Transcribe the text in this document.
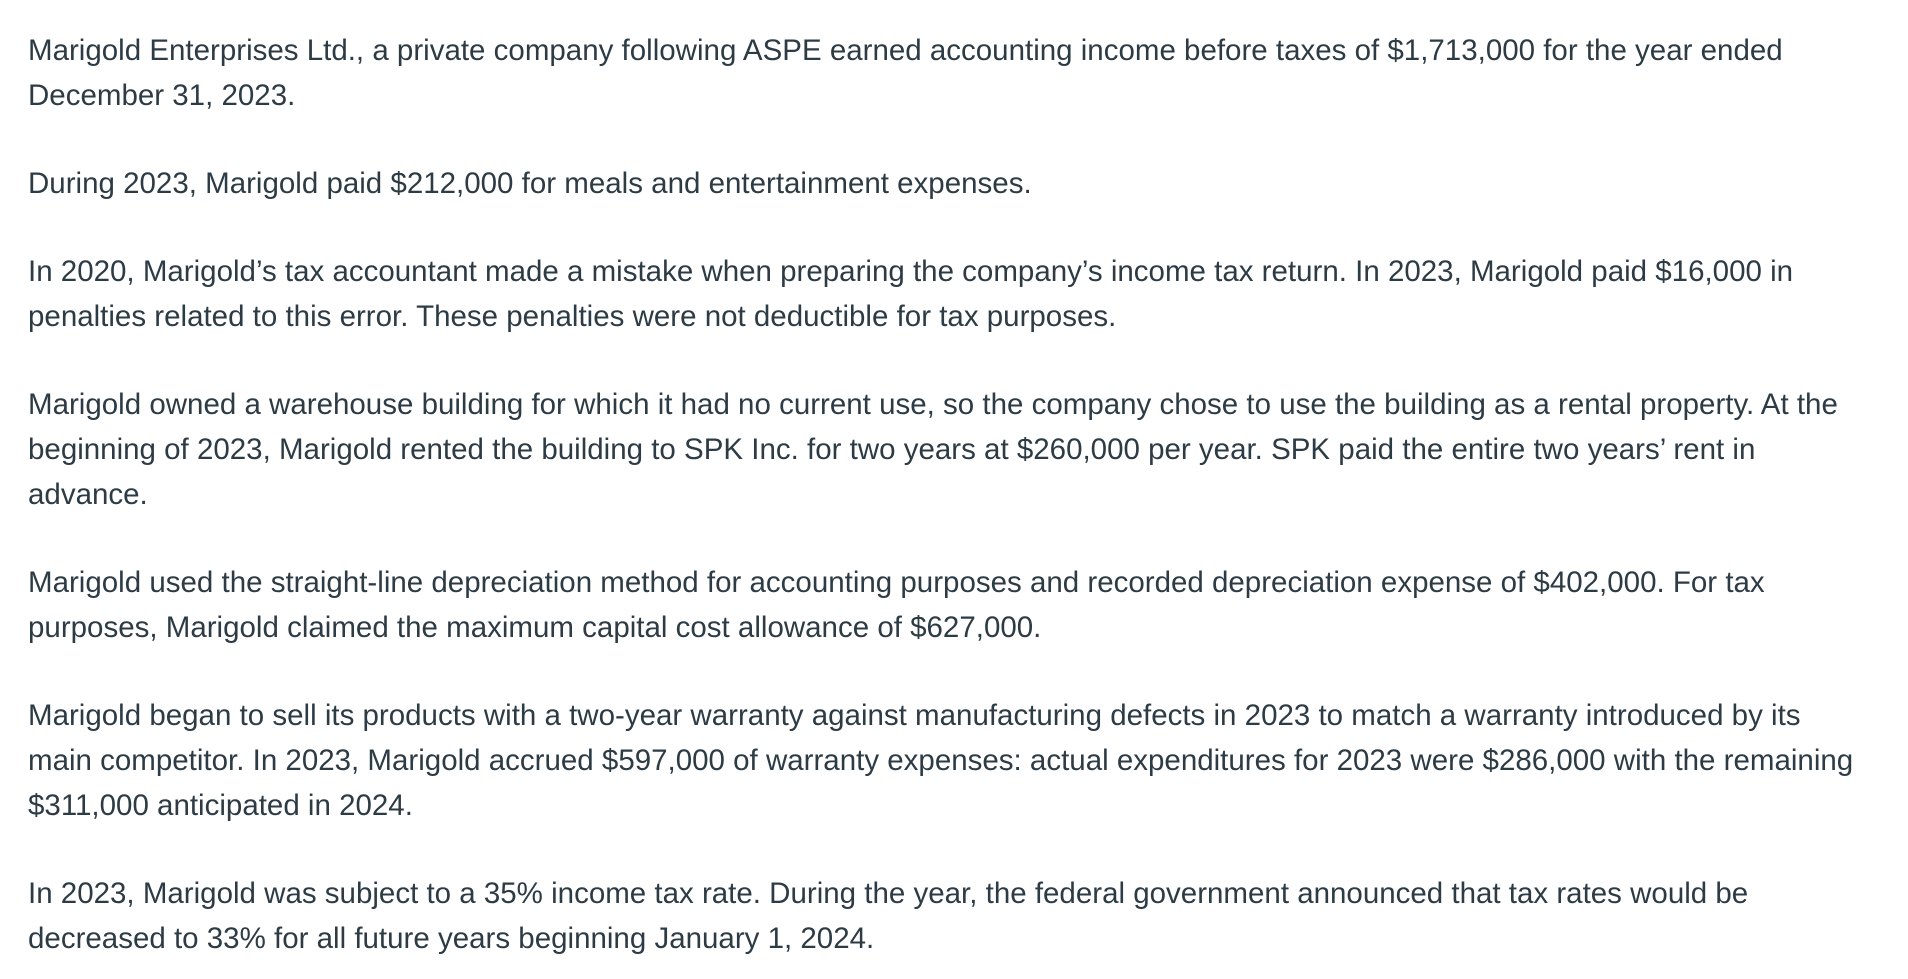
Marigold Enterprises Ltd., a private company following ASPE earned accounting income before taxes of $1,713,000 for the year ended December 31, 2023.

During 2023, Marigold paid $212,000 for meals and entertainment expenses.

In 2020, Marigold’s tax accountant made a mistake when preparing the company’s income tax return. In 2023, Marigold paid $16,000 in penalties related to this error. These penalties were not deductible for tax purposes.

Marigold owned a warehouse building for which it had no current use, so the company chose to use the building as a rental property. At the beginning of 2023, Marigold rented the building to SPK Inc. for two years at $260,000 per year. SPK paid the entire two years’ rent in advance.

Marigold used the straight-line depreciation method for accounting purposes and recorded depreciation expense of $402,000. For tax purposes, Marigold claimed the maximum capital cost allowance of $627,000.

Marigold began to sell its products with a two-year warranty against manufacturing defects in 2023 to match a warranty introduced by its main competitor. In 2023, Marigold accrued $597,000 of warranty expenses: actual expenditures for 2023 were $286,000 with the remaining $311,000 anticipated in 2024.

In 2023, Marigold was subject to a 35% income tax rate. During the year, the federal government announced that tax rates would be decreased to 33% for all future years beginning January 1, 2024.
